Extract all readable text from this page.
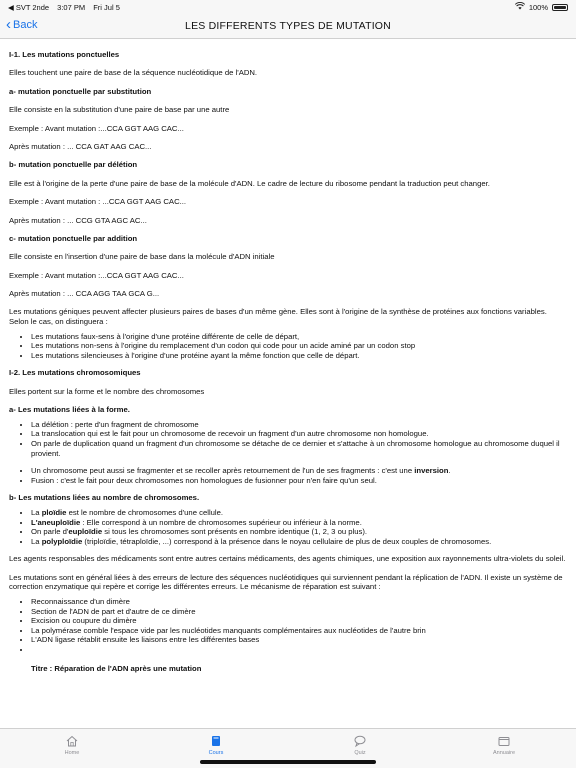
◀ SVT 2nde 3:07 PM Fri Jul 5	100%
‹ Back	LES DIFFERENTS TYPES DE MUTATION

I-1. Les mutations ponctuelles

Elles touchent une paire de base de la séquence nucléotidique de l'ADN.

a- mutation ponctuelle par substitution

Elle consiste en la substitution d'une paire de base par une autre

Exemple : Avant mutation :...CCA GGT AAG CAC...

Après mutation : ... CCA GAT AAG CAC...

b- mutation ponctuelle par délétion

Elle est à l'origine de la perte d'une paire de base de la molécule d'ADN. Le cadre de lecture du ribosome pendant la traduction peut changer.

Exemple : Avant mutation : ...CCA GGT AAG CAC...

Après mutation : ... CCG GTA AGC AC...

c- mutation ponctuelle par addition

Elle consiste en l'insertion d'une paire de base dans la molécule d'ADN initiale

Exemple : Avant mutation :...CCA GGT AAG CAC...

Après mutation : ... CCA AGG TAA GCA G...

Les mutations géniques peuvent affecter plusieurs paires de bases d'un même gène. Elles sont à l'origine de la synthèse de protéines aux fonctions variables. Selon le cas, on distinguera :

• Les mutations faux-sens à l'origine d'une protéine différente de celle de départ,
• Les mutations non-sens à l'origine du remplacement d'un codon qui code pour un acide aminé par un codon stop
• Les mutations silencieuses à l'origine d'une protéine ayant la même fonction que celle de départ.

I-2. Les mutations chromosomiques

Elles portent sur la forme et le nombre des chromosomes

a- Les mutations liées à la forme.

• La délétion : perte d'un fragment de chromosome
• La translocation qui est le fait pour un chromosome de recevoir un fragment d'un autre chromosome non homologue.
• On parle de duplication quand un fragment d'un chromosome se détache de ce dernier et s'attache à un chromosome homologue au chromosome duquel il provient.
• Un chromosome peut aussi se fragmenter et se recoller après retournement de l'un de ses fragments : c'est une inversion.
• Fusion : c'est le fait pour deux chromosomes non homologues de fusionner pour n'en faire qu'un seul.

b- Les mutations liées au nombre de chromosomes.

• La ploïdie est le nombre de chromosomes d'une cellule.
• L'aneuploïdie : Elle correspond à un nombre de chromosomes supérieur ou inférieur à la norme.
• On parle d'euploïdie si tous les chromosomes sont présents en nombre identique (1, 2, 3 ou plus).
• La polyploïdie (triploïdie, tétraploïdie, ...) correspond à la présence dans le noyau cellulaire de plus de deux couples de chromosomes.

Les agents responsables des médicaments sont entre autres certains médicaments, des agents chimiques, une exposition aux rayonnements ultra-violets du soleil.

Les mutations sont en général liées à des erreurs de lecture des séquences nucléotidiques qui surviennent pendant la réplication de l'ADN. Il existe un système de correction enzymatique qui repère et corrige les différentes erreurs. Le mécanisme de réparation est suivant :

• Reconnaissance d'un dimère
• Section de l'ADN de part et d'autre de ce dimère
• Excision ou coupure du dimère
• La polymérase comble l'espace vide par les nucléotides manquants complémentaires aux nucléotides de l'autre brin
• L'ADN ligase rétablit ensuite les liaisons entre les différentes bases
•

Titre : Réparation de l'ADN après une mutation

Home	Cours	Quiz	Annuaire
